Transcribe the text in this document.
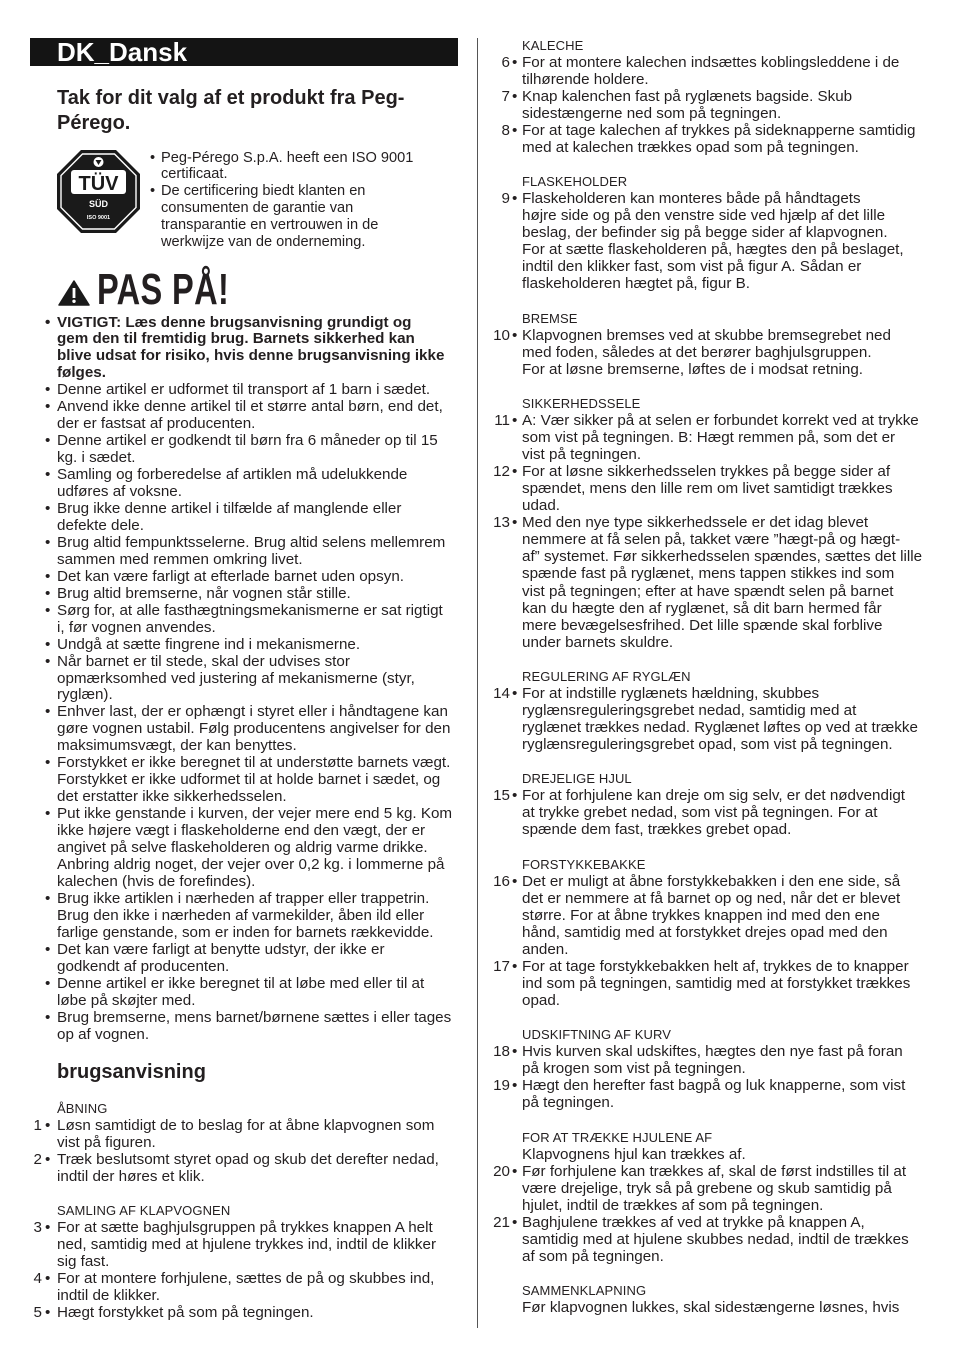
DK_Dansk
Tak for dit valg af et produkt fra Peg-
Pérego.
TÜV
SÜD
ISO 9001
• Peg-Pérego S.p.A. heeft een ISO 9001
certificaat.
• De certificering biedt klanten en
consumenten de garantie van
transparantie en vertrouwen in de
werkwijze van de onderneming.
PAS PÅ!
• VIGTIGT: Læs denne brugsanvisning grundigt og
gem den til fremtidig brug. Barnets sikkerhed kan
blive udsat for risiko, hvis denne brugsanvisning ikke
følges.
• Denne artikel er udformet til transport af 1 barn i sædet.
• Anvend ikke denne artikel til et større antal børn, end det,
der er fastsat af producenten.
• Denne artikel er godkendt til børn fra 6 måneder op til 15
kg. i sædet.
• Samling og forberedelse af artiklen må udelukkende
udføres af voksne.
• Brug ikke denne artikel i tilfælde af manglende eller
defekte dele.
• Brug altid fempunktsselerne. Brug altid selens mellemrem
sammen med remmen omkring livet.
• Det kan være farligt at efterlade barnet uden opsyn.
• Brug altid bremserne, når vognen står stille.
• Sørg for, at alle fasthægtningsmekanismerne er sat rigtigt
i, før vognen anvendes.
• Undgå at sætte fingrene ind i mekanismerne.
• Når barnet er til stede, skal der udvises stor
opmærksomhed ved justering af mekanismerne (styr,
ryglæn).
• Enhver last, der er ophængt i styret eller i håndtagene kan
gøre vognen ustabil. Følg producentens angivelser for den
maksimumsvægt, der kan benyttes.
• Forstykket er ikke beregnet til at understøtte barnets vægt.
Forstykket er ikke udformet til at holde barnet i sædet, og
det erstatter ikke sikkerhedsselen.
• Put ikke genstande i kurven, der vejer mere end 5 kg. Kom
ikke højere vægt i flaskeholderne end den vægt, der er
angivet på selve flaskeholderen og aldrig varme drikke.
Anbring aldrig noget, der vejer over 0,2 kg. i lommerne på
kalechen (hvis de forefindes).
• Brug ikke artiklen i nærheden af trapper eller trappetrin.
Brug den ikke i nærheden af varmekilder, åben ild eller
farlige genstande, som er inden for barnets rækkevidde.
• Det kan være farligt at benytte udstyr, der ikke er
godkendt af producenten.
• Denne artikel er ikke beregnet til at løbe med eller til at
løbe på skøjter med.
• Brug bremserne, mens barnet/børnene sættes i eller tages
op af vognen.
brugsanvisning
ÅBNING
• 1 Løsn samtidigt de to beslag for at åbne klapvognen som
vist på figuren.
• 2 Træk beslutsomt styret opad og skub det derefter nedad,
indtil der høres et klik.
SAMLING AF KLAPVOGNEN
• 3 For at sætte baghjulsgruppen på trykkes knappen A helt
ned, samtidig med at hjulene trykkes ind, indtil de klikker
sig fast.
• 4 For at montere forhjulene, sættes de på og skubbes ind,
indtil de klikker.
• 5 Hægt forstykket på som på tegningen.
KALECHE
• 6 For at montere kalechen indsættes koblingsleddene i de
tilhørende holdere.
• 7 Knap kalenchen fast på ryglænets bagside. Skub
sidestængerne ned som på tegningen.
• 8 For at tage kalechen af trykkes på sideknapperne samtidig
med at kalechen trækkes opad som på tegningen.
FLASKEHOLDER
• 9 Flaskeholderen kan monteres både på håndtagets
højre side og på den venstre side ved hjælp af det lille
beslag, der befinder sig på begge sider af klapvognen.
For at sætte flaskeholderen på, hægtes den på beslaget,
indtil den klikker fast, som vist på figur A. Sådan er
flaskeholderen hægtet på, figur B.
BREMSE
• 10 Klapvognen bremses ved at skubbe bremsegrebet ned
med foden, således at det berører baghjulsgruppen.
For at løsne bremserne, løftes de i modsat retning.
SIKKERHEDSSELE
• 11 A: Vær sikker på at selen er forbundet korrekt ved at trykke
som vist på tegningen. B: Hægt remmen på, som det er
vist på tegningen.
• 12 For at løsne sikkerhedsselen trykkes på begge sider af
spændet, mens den lille rem om livet samtidigt trækkes
udad.
• 13 Med den nye type sikkerhedssele er det idag blevet
nemmere at få selen på, takket være ”hægt-på og hægt-
af” systemet. Før sikkerhedsselen spændes, sættes det lille
spænde fast på ryglænet, mens tappen stikkes ind som
vist på tegningen; efter at have spændt selen på barnet
kan du hægte den af ryglænet, så dit barn hermed får
mere bevægelsesfrihed. Det lille spænde skal forblive
under barnets skuldre.
REGULERING AF RYGLÆN
• 14 For at indstille ryglænets hældning, skubbes
ryglænsreguleringsgrebet nedad, samtidig med at
ryglænet trækkes nedad. Ryglænet løftes op ved at trække
ryglænsreguleringsgrebet opad, som vist på tegningen.
DREJELIGE HJUL
• 15 For at forhjulene kan dreje om sig selv, er det nødvendigt
at trykke grebet nedad, som vist på tegningen. For at
spænde dem fast, trækkes grebet opad.
FORSTYKKEBAKKE
• 16 Det er muligt at åbne forstykkebakken i den ene side, så
det er nemmere at få barnet op og ned, når det er blevet
større. For at åbne trykkes knappen ind med den ene
hånd, samtidig med at forstykket drejes opad med den
anden.
• 17 For at tage forstykkebakken helt af, trykkes de to knapper
ind som på tegningen, samtidig med at forstykket trækkes
opad.
UDSKIFTNING AF KURV
• 18 Hvis kurven skal udskiftes, hægtes den nye fast på foran
på krogen som vist på tegningen.
• 19 Hægt den herefter fast bagpå og luk knapperne, som vist
på tegningen.
FOR AT TRÆKKE HJULENE AF
Klapvognens hjul kan trækkes af.
• 20 Før forhjulene kan trækkes af, skal de først indstilles til at
være drejelige, tryk så på grebene og skub samtidig på
hjulet, indtil de trækkes af som på tegningen.
• 21 Baghjulene trækkes af ved at trykke på knappen A,
samtidig med at hjulene skubbes nedad, indtil de trækkes
af som på tegningen.
SAMMENKLAPNING
Før klapvognen lukkes, skal sidestængerne løsnes, hvis
